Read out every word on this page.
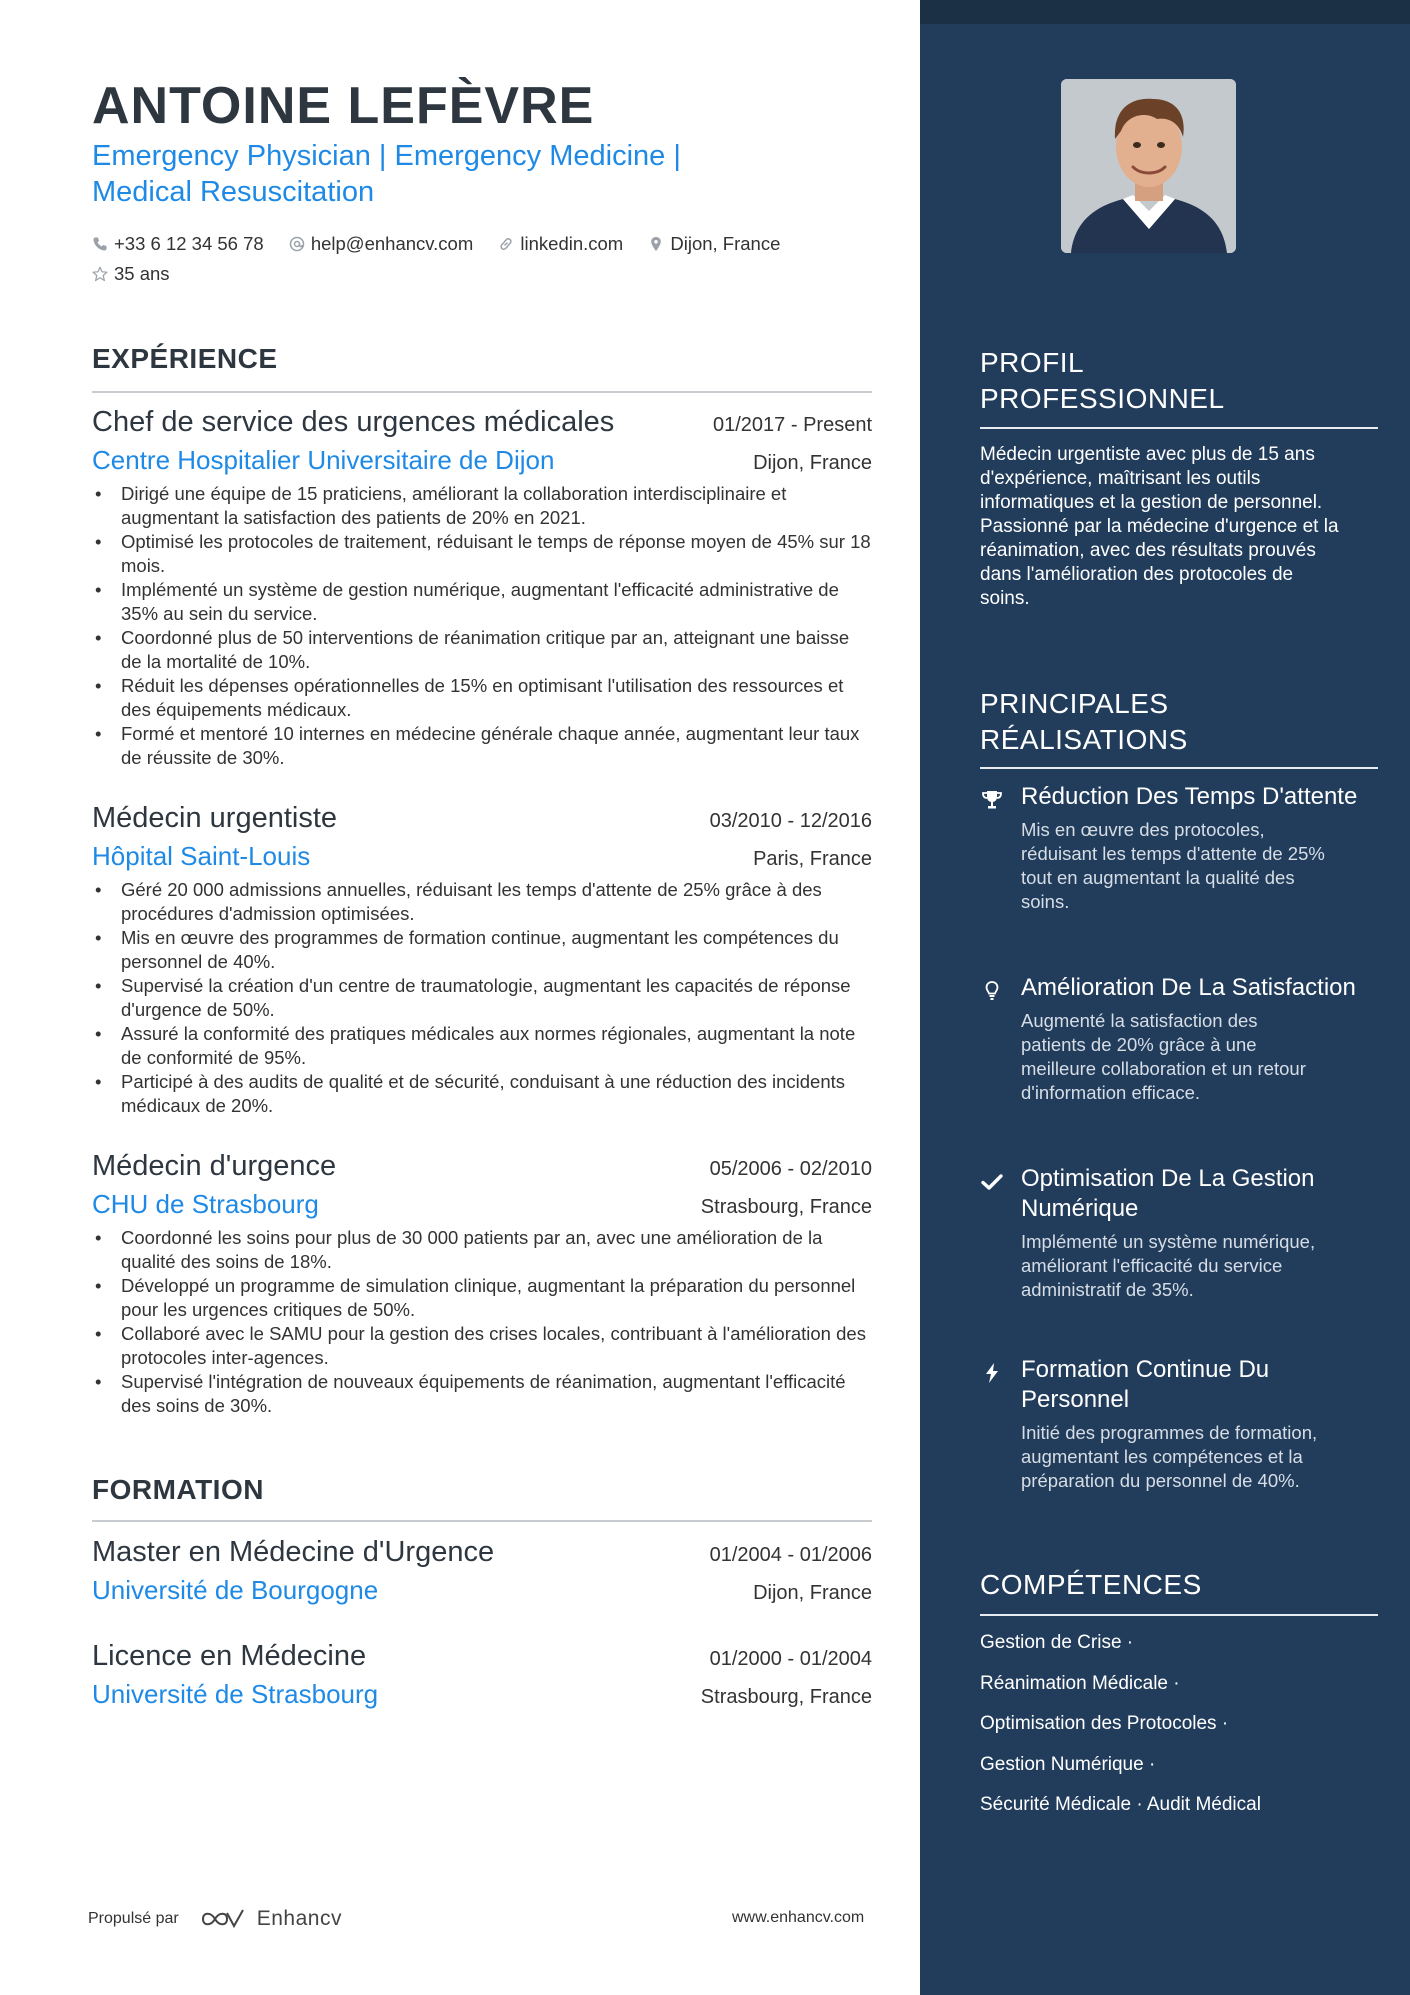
ANTOINE LEFÈVRE
Emergency Physician | Emergency Medicine |
Medical Resuscitation
+33 6 12 34 56 78
	help@enhancv.com
	linkedin.com
	Dijon, France

35 ans
EXPÉRIENCE
Chef de service des urgences médicales	01/2017 - Present
Centre Hospitalier Universitaire de Dijon	Dijon, France
• Dirigé une équipe de 15 praticiens, améliorant la collaboration interdisciplinaire et augmentant la satisfaction des patients de 20% en 2021.
• Optimisé les protocoles de traitement, réduisant le temps de réponse moyen de 45% sur 18 mois.
• Implémenté un système de gestion numérique, augmentant l'efficacité administrative de 35% au sein du service.
• Coordonné plus de 50 interventions de réanimation critique par an, atteignant une baisse de la mortalité de 10%.
• Réduit les dépenses opérationnelles de 15% en optimisant l'utilisation des ressources et des équipements médicaux.
• Formé et mentoré 10 internes en médecine générale chaque année, augmentant leur taux de réussite de 30%.
Médecin urgentiste	03/2010 - 12/2016
Hôpital Saint-Louis	Paris, France
• Géré 20 000 admissions annuelles, réduisant les temps d'attente de 25% grâce à des procédures d'admission optimisées.
• Mis en œuvre des programmes de formation continue, augmentant les compétences du personnel de 40%.
• Supervisé la création d'un centre de traumatologie, augmentant les capacités de réponse d'urgence de 50%.
• Assuré la conformité des pratiques médicales aux normes régionales, augmentant la note de conformité de 95%.
• Participé à des audits de qualité et de sécurité, conduisant à une réduction des incidents médicaux de 20%.
Médecin d'urgence	05/2006 - 02/2010
CHU de Strasbourg	Strasbourg, France
• Coordonné les soins pour plus de 30 000 patients par an, avec une amélioration de la qualité des soins de 18%.
• Développé un programme de simulation clinique, augmentant la préparation du personnel pour les urgences critiques de 50%.
• Collaboré avec le SAMU pour la gestion des crises locales, contribuant à l'amélioration des protocoles inter-agences.
• Supervisé l'intégration de nouveaux équipements de réanimation, augmentant l'efficacité des soins de 30%.
FORMATION
Master en Médecine d'Urgence	01/2004 - 01/2006
Université de Bourgogne	Dijon, France
Licence en Médecine	01/2000 - 01/2004
Université de Strasbourg	Strasbourg, France
Propulsé par	Enhancv	www.enhancv.com
PROFIL
PROFESSIONNEL
Médecin urgentiste avec plus de 15 ans d'expérience, maîtrisant les outils informatiques et la gestion de personnel. Passionné par la médecine d'urgence et la réanimation, avec des résultats prouvés dans l'amélioration des protocoles de soins.
PRINCIPALES
RÉALISATIONS
Réduction Des Temps D'attente
Mis en œuvre des protocoles, réduisant les temps d'attente de 25% tout en augmentant la qualité des soins.
Amélioration De La Satisfaction
Augmenté la satisfaction des patients de 20% grâce à une meilleure collaboration et un retour d'information efficace.
Optimisation De La Gestion Numérique
Implémenté un système numérique, améliorant l'efficacité du service administratif de 35%.
Formation Continue Du Personnel
Initié des programmes de formation, augmentant les compétences et la préparation du personnel de 40%.
COMPÉTENCES
Gestion de Crise ·
Réanimation Médicale ·
Optimisation des Protocoles ·
Gestion Numérique ·
Sécurité Médicale · Audit Médical
